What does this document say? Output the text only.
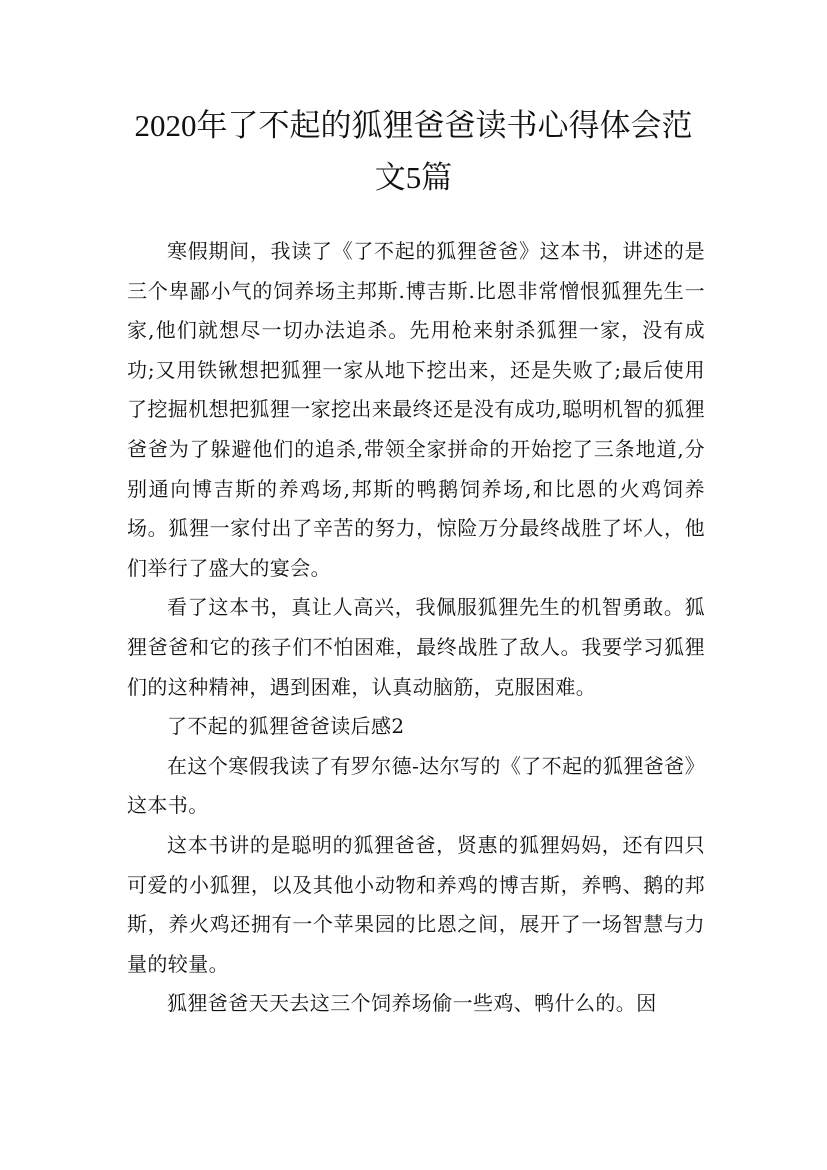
2020年了不起的狐狸爸爸读书心得体会范
文5篇

寒假期间，我读了《了不起的狐狸爸爸》这本书，讲述的是三个卑鄙小气的饲养场主邦斯.博吉斯.比恩非常憎恨狐狸先生一家,他们就想尽一切办法追杀。先用枪来射杀狐狸一家，没有成功;又用铁锹想把狐狸一家从地下挖出来，还是失败了;最后使用了挖掘机想把狐狸一家挖出来最终还是没有成功,聪明机智的狐狸爸爸为了躲避他们的追杀,带领全家拼命的开始挖了三条地道,分别通向博吉斯的养鸡场,邦斯的鸭鹅饲养场,和比恩的火鸡饲养场。狐狸一家付出了辛苦的努力，惊险万分最终战胜了坏人，他们举行了盛大的宴会。

看了这本书，真让人高兴，我佩服狐狸先生的机智勇敢。狐狸爸爸和它的孩子们不怕困难，最终战胜了敌人。我要学习狐狸们的这种精神，遇到困难，认真动脑筋，克服困难。

了不起的狐狸爸爸读后感2

在这个寒假我读了有罗尔德-达尔写的《了不起的狐狸爸爸》这本书。

这本书讲的是聪明的狐狸爸爸，贤惠的狐狸妈妈，还有四只可爱的小狐狸，以及其他小动物和养鸡的博吉斯，养鸭、鹅的邦斯，养火鸡还拥有一个苹果园的比恩之间，展开了一场智慧与力量的较量。

狐狸爸爸天天去这三个饲养场偷一些鸡、鸭什么的。因
